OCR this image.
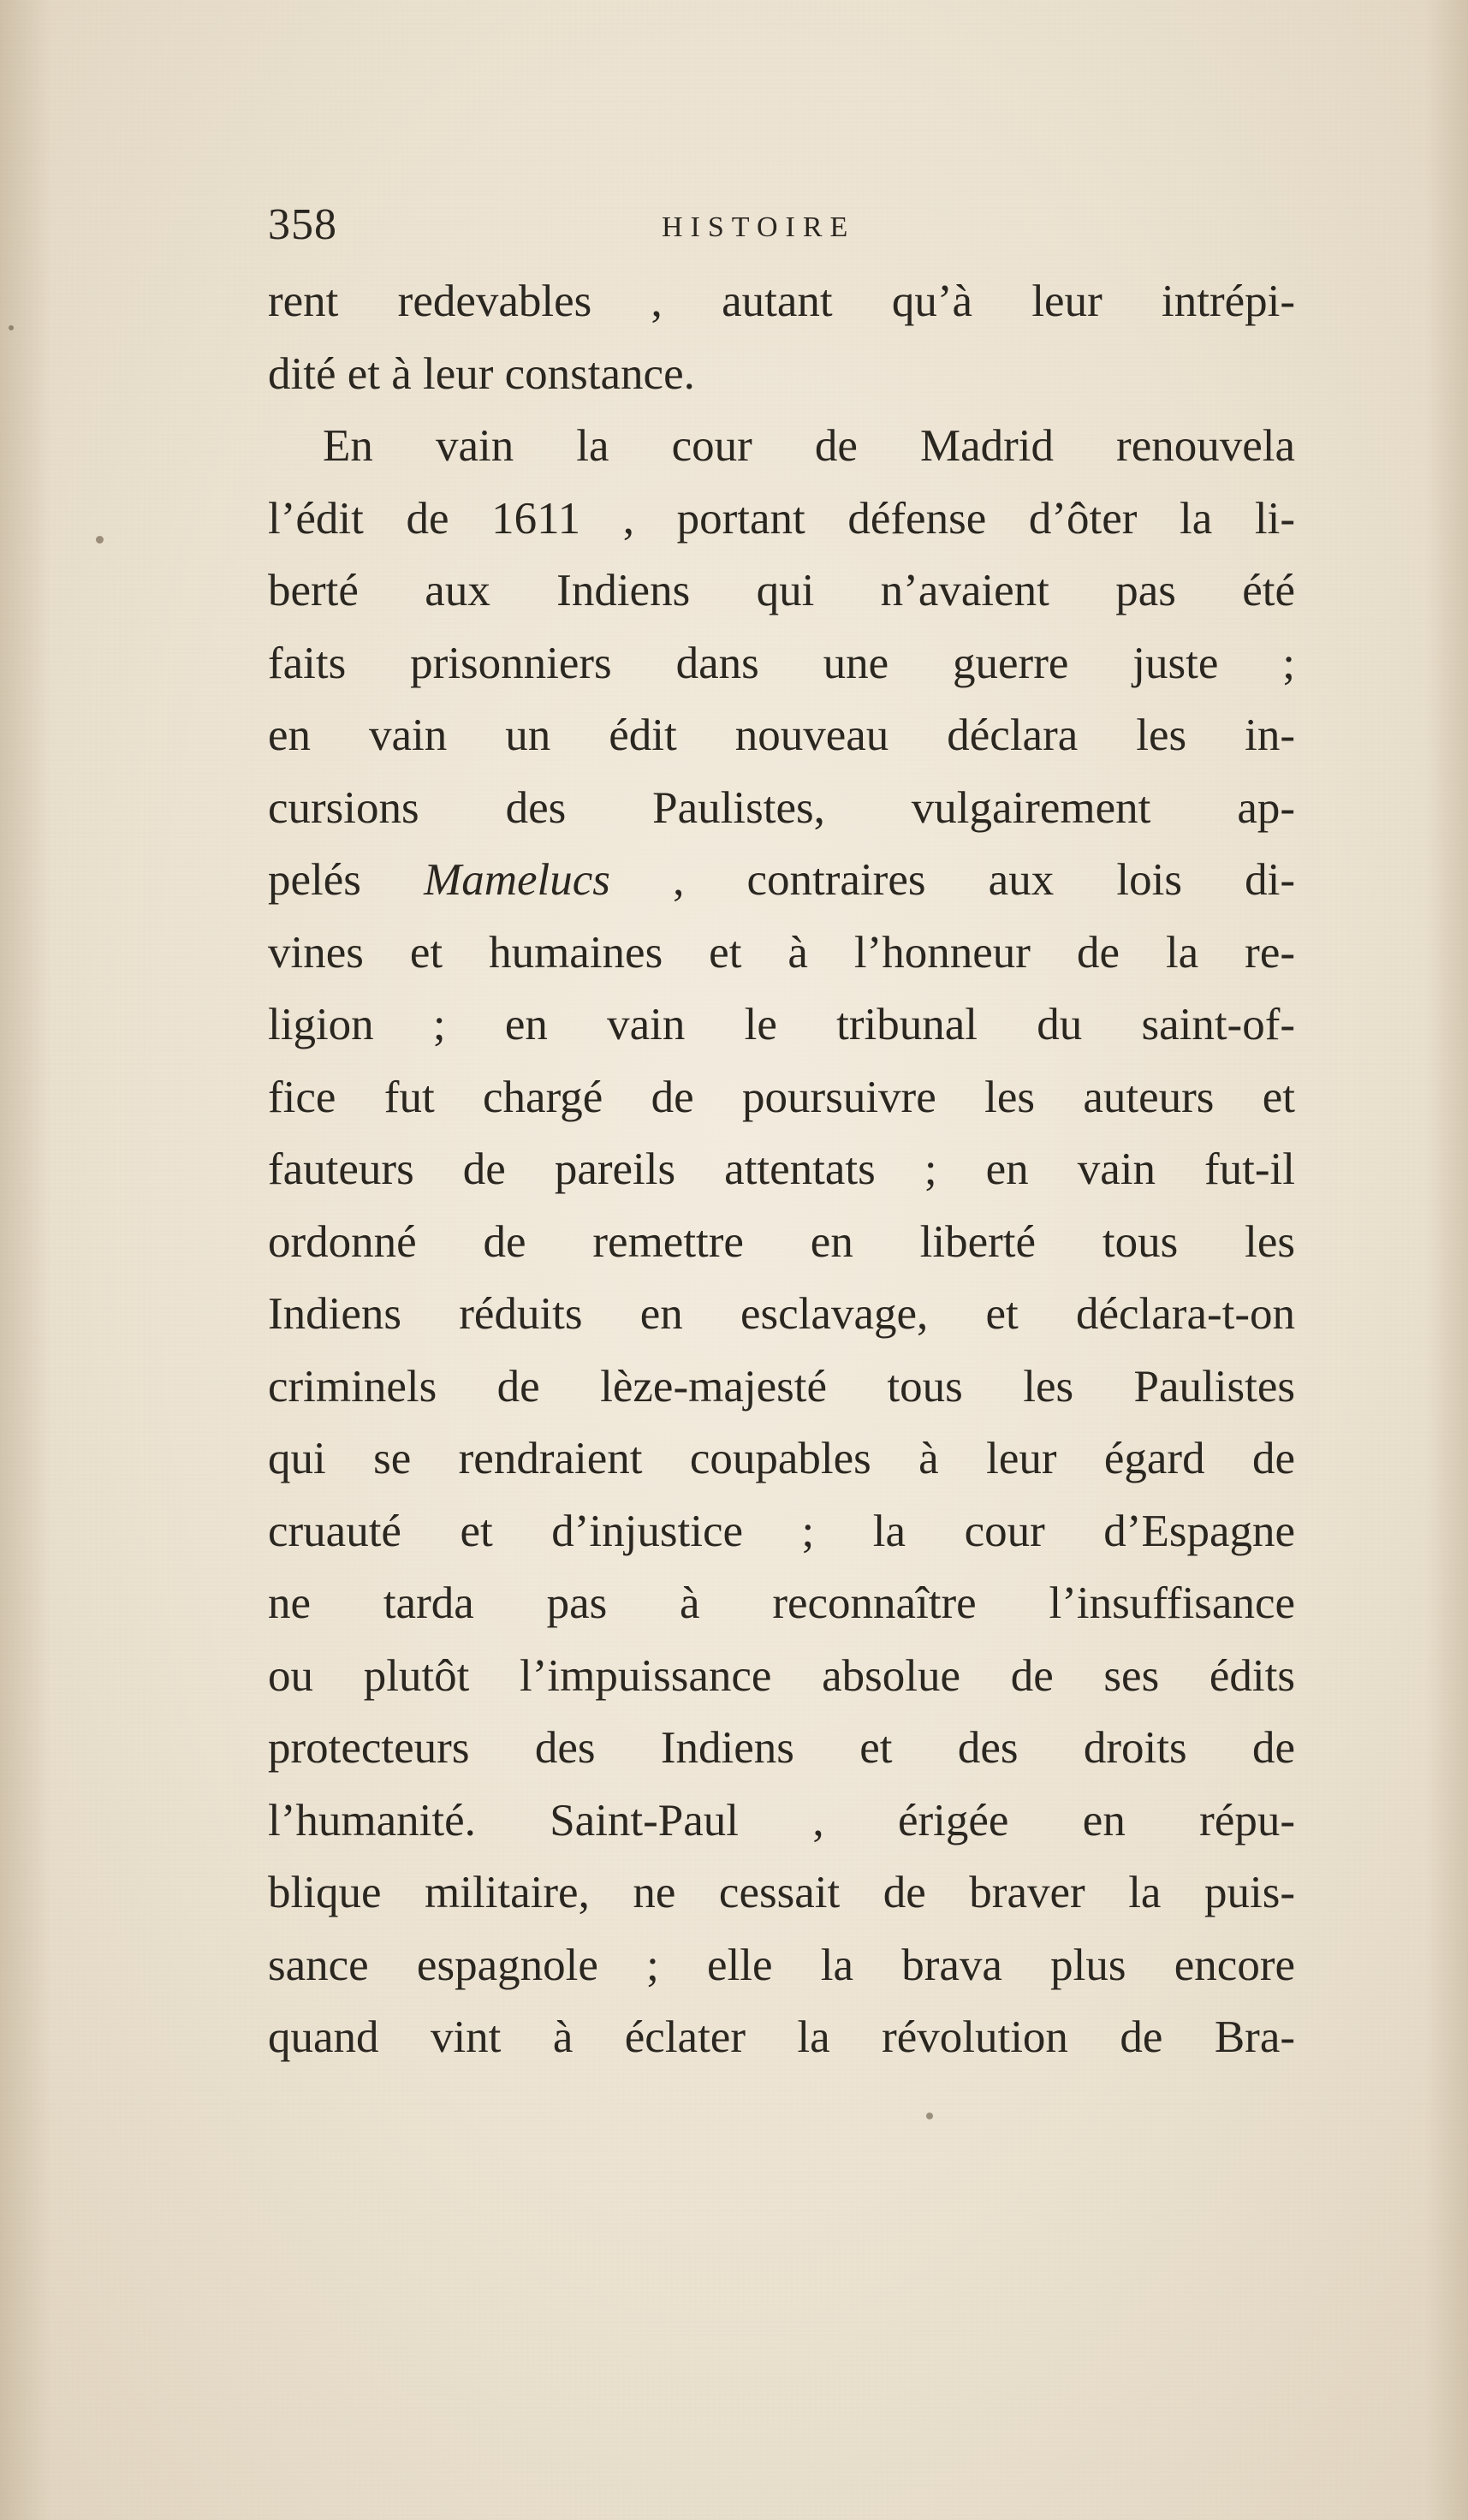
358	HISTOIRE
rent redevables , autant qu’à leur intrépi-
dité et à leur constance.
En vain la cour de Madrid renouvela
l’édit de 1611 , portant défense d’ôter la li-
berté aux Indiens qui n’avaient pas été
faits prisonniers dans une guerre juste ;
en vain un édit nouveau déclara les in-
cursions des Paulistes, vulgairement ap-
pelés Mamelucs , contraires aux lois di-
vines et humaines et à l’honneur de la re-
ligion ; en vain le tribunal du saint-of-
fice fut chargé de poursuivre les auteurs et
fauteurs de pareils attentats ; en vain fut-il
ordonné de remettre en liberté tous les
Indiens réduits en esclavage, et déclara-t-on
criminels de lèze-majesté tous les Paulistes
qui se rendraient coupables à leur égard de
cruauté et d’injustice ; la cour d’Espagne
ne tarda pas à reconnaître l’insuffisance
ou plutôt l’impuissance absolue de ses édits
protecteurs des Indiens et des droits de
l’humanité. Saint-Paul , érigée en répu-
blique militaire, ne cessait de braver la puis-
sance espagnole ; elle la brava plus encore
quand vint à éclater la révolution de Bra-
